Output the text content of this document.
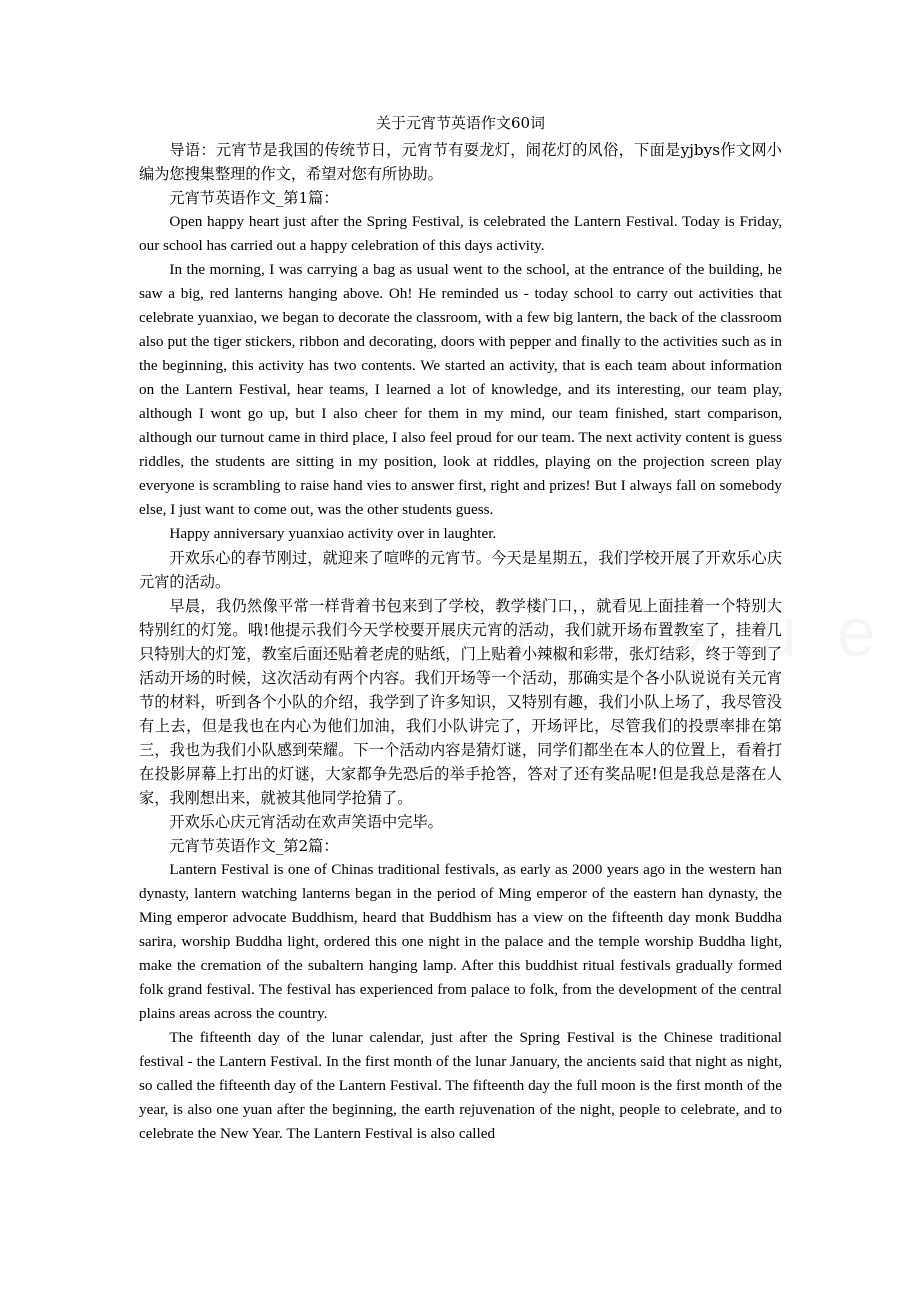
关于元宵节英语作文60词

导语：元宵节是我国的传统节日，元宵节有耍龙灯，闹花灯的风俗，下面是yjbys作文网小编为您搜集整理的作文，希望对您有所协助。

元宵节英语作文_第1篇：

Open happy heart just after the Spring Festival, is celebrated the Lantern Festival. Today is Friday, our school has carried out a happy celebration of this days activity.

In the morning, I was carrying a bag as usual went to the school, at the entrance of the building, he saw a big, red lanterns hanging above. Oh! He reminded us - today school to carry out activities that celebrate yuanxiao, we began to decorate the classroom, with a few big lantern, the back of the classroom also put the tiger stickers, ribbon and decorating, doors with pepper and finally to the activities such as in the beginning, this activity has two contents. We started an activity, that is each team about information on the Lantern Festival, hear teams, I learned a lot of knowledge, and its interesting, our team play, although I wont go up, but I also cheer for them in my mind, our team finished, start comparison, although our turnout came in third place, I also feel proud for our team. The next activity content is guess riddles, the students are sitting in my position, look at riddles, playing on the projection screen play everyone is scrambling to raise hand vies to answer first, right and prizes! But I always fall on somebody else, I just want to come out, was the other students guess.

Happy anniversary yuanxiao activity over in laughter.

开欢乐心的春节刚过，就迎来了喧哗的元宵节。今天是星期五，我们学校开展了开欢乐心庆元宵的活动。

早晨，我仍然像平常一样背着书包来到了学校，教学楼门口，，就看见上面挂着一个特别大特别红的灯笼。哦!他提示我们今天学校要开展庆元宵的活动，我们就开场布置教室了，挂着几只特别大的灯笼，教室后面还贴着老虎的贴纸，门上贴着小辣椒和彩带，张灯结彩，终于等到了活动开场的时候，这次活动有两个内容。我们开场等一个活动，那确实是个各小队说说有关元宵节的材料，听到各个小队的介绍，我学到了许多知识，又特别有趣，我们小队上场了，我尽管没有上去，但是我也在内心为他们加油，我们小队讲完了，开场评比，尽管我们的投票率排在第三，我也为我们小队感到荣耀。下一个活动内容是猜灯谜，同学们都坐在本人的位置上，看着打在投影屏幕上打出的灯谜，大家都争先恐后的举手抢答，答对了还有奖品呢!但是我总是落在人家，我刚想出来，就被其他同学抢猜了。

开欢乐心庆元宵活动在欢声笑语中完毕。

元宵节英语作文_第2篇：

Lantern Festival is one of Chinas traditional festivals, as early as 2000 years ago in the western han dynasty, lantern watching lanterns began in the period of Ming emperor of the eastern han dynasty, the Ming emperor advocate Buddhism, heard that Buddhism has a view on the fifteenth day monk Buddha sarira, worship Buddha light, ordered this one night in the palace and the temple worship Buddha light, make the cremation of the subaltern hanging lamp. After this buddhist ritual festivals gradually formed folk grand festival. The festival has experienced from palace to folk, from the development of the central plains areas across the country.

The fifteenth day of the lunar calendar, just after the Spring Festival is the Chinese traditional festival - the Lantern Festival. In the first month of the lunar January, the ancients said that night as night, so called the fifteenth day of the Lantern Festival. The fifteenth day the full moon is the first month of the year, is also one yuan after the beginning, the earth rejuvenation of the night, people to celebrate, and to celebrate the New Year. The Lantern Festival is also called
